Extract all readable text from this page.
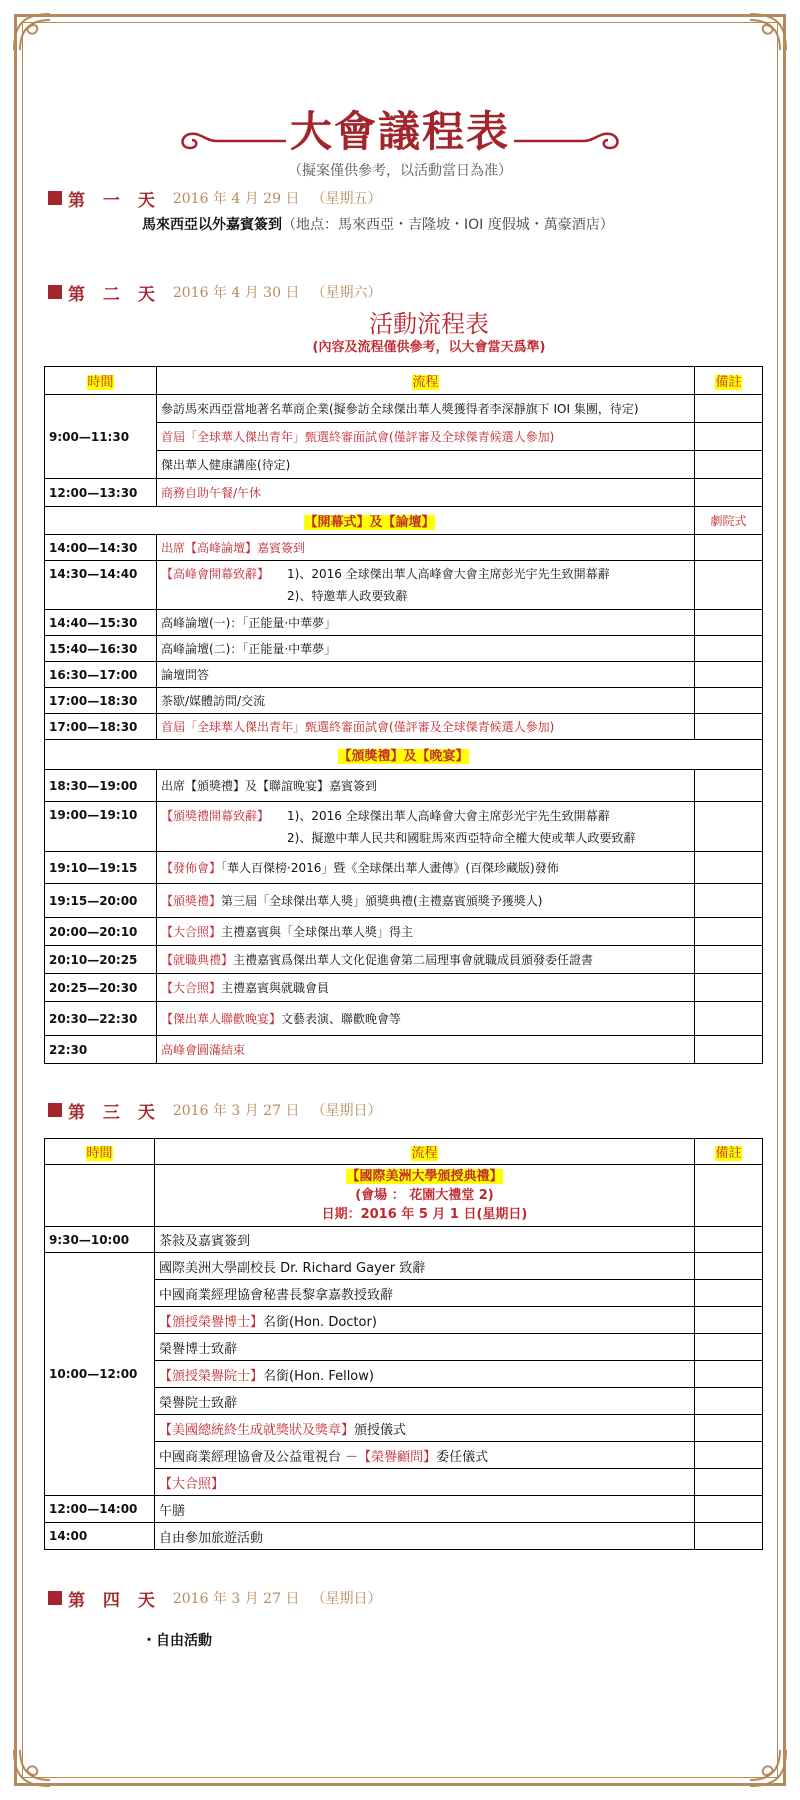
大會議程表
（擬案僅供參考，以活動當日為准）
第 一 天 2016 年 4 月 29 日 （星期五）
馬來西亞以外嘉賓簽到（地点：馬來西亞・吉隆坡・IOI 度假城・萬豪酒店）
第 二 天 2016 年 4 月 30 日 （星期六）
活動流程表
(內容及流程僅供參考，以大會當天爲準)
時間	流程	備註
9:00—11:30	參訪馬來西亞當地著名華商企業(擬參訪全球傑出華人獎獲得者李深靜旗下 IOI 集團，待定)	
	首屆「全球華人傑出青年」甄選終審面試會(僅評審及全球傑青候選人參加)	
	傑出華人健康講座(待定)	
12:00—13:30	商務自助午餐/午休	
【開幕式】及【論壇】		劇院式
14:00—14:30	出席【高峰論壇】嘉賓簽到	
14:30—14:40	【高峰會開幕致辭】 1)、2016 全球傑出華人高峰會大會主席彭光宇先生致開幕辭
2)、特邀華人政要致辭	

14:40—15:30	高峰論壇(一)：「正能量·中華夢」	
15:40—16:30	高峰論壇(二)：「正能量·中華夢」	
16:30—17:00	論壇問答	
17:00—18:30	茶歇/媒體訪問/交流	
17:00—18:30	首屆「全球華人傑出青年」甄選終審面試會(僅評審及全球傑青候選人參加)	
【頒獎禮】及【晚宴】		
18:30—19:00	出席【頒獎禮】及【聯誼晚宴】嘉賓簽到	
19:00—19:10	【頒獎禮開幕致辭】 1)、2016 全球傑出華人高峰會大會主席彭光宇先生致開幕辭
2)、擬邀中華人民共和國駐馬來西亞特命全權大使或華人政要致辭	

19:10—19:15	【發佈會】「華人百傑榜·2016」暨《全球傑出華人畫傳》(百傑珍藏版)發佈	
19:15—20:00	【頒獎禮】第三屆「全球傑出華人獎」頒獎典禮(主禮嘉賓頒獎予獲獎人)	
20:00—20:10	【大合照】主禮嘉賓與「全球傑出華人獎」得主	
20:10—20:25	【就職典禮】主禮嘉賓爲傑出華人文化促進會第二屆理事會就職成員頒發委任證書	
20:25—20:30	【大合照】主禮嘉賓與就職會員	
20:30—22:30	【傑出華人聯歡晚宴】文藝表演、聯歡晚會等	
22:30	高峰會圓滿結束	
第 三 天 2016 年 3 月 27 日 （星期日）
時間	流程	備註

	【國際美洲大學頒授典禮】
(會場 ： 花園大禮堂 2)
日期：2016 年 5 月 1 日(星期日)	

9:30—10:00	茶敍及嘉賓簽到	
10:00—12:00	國際美洲大學副校長 Dr. Richard Gayer 致辭	
	中國商業經理協會秘書長黎拿嘉教授致辭	
	【頒授榮譽博士】名銜(Hon. Doctor)	
	榮譽博士致辭	
	【頒授榮譽院士】名銜(Hon. Fellow)	
	榮譽院士致辭	
	【美國總統終生成就獎狀及獎章】頒授儀式	
	中國商業經理協會及公益電視台 －【榮譽顧問】委任儀式	
	【大合照】	
12:00—14:00	午膳	
14:00	自由參加旅遊活動	
第 四 天 2016 年 3 月 27 日 （星期日）
・自由活動
